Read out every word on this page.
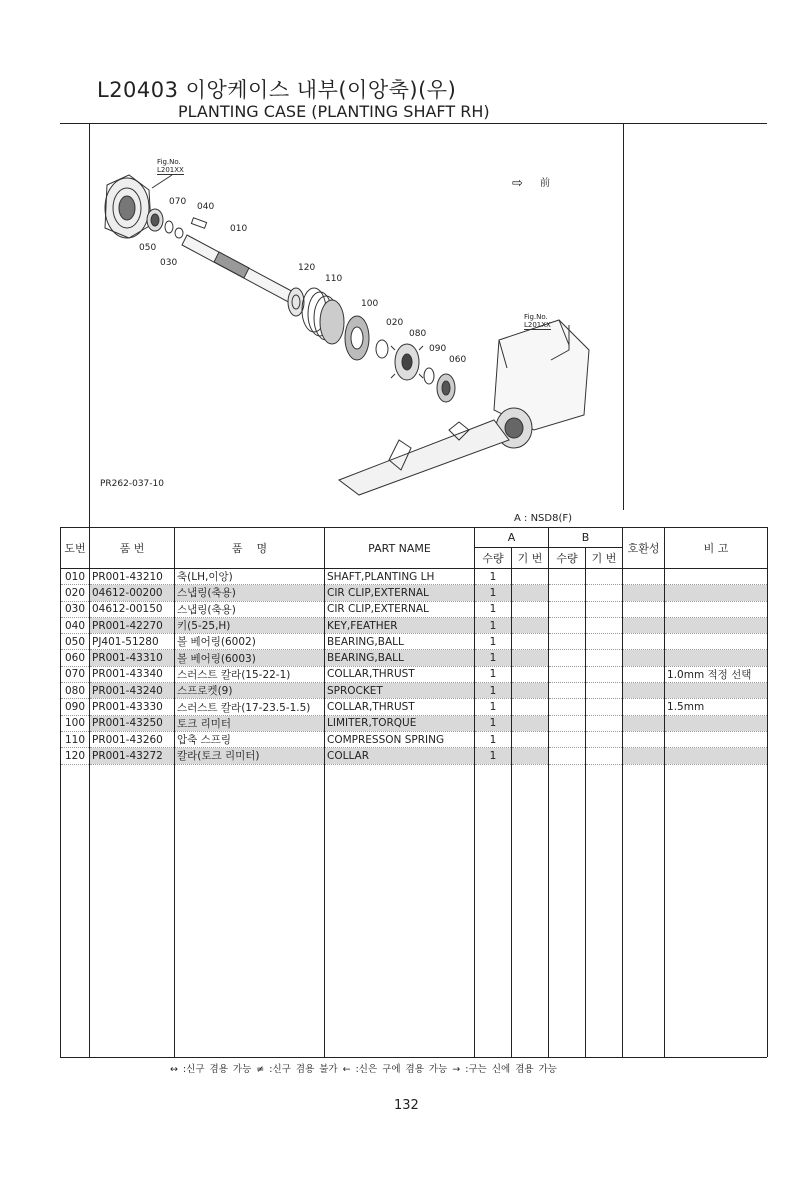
L20403 이앙케이스 내부(이앙축)(우)
PLANTING CASE (PLANTING SHAFT RH)
Fig.No.
L201XX
Fig.No.
L201XX
⇨ 前
070 040
010
050
030	120
110
100
020
080
090
060
PR262-037-10
A : NSD8(F)
도번	품 번	품    명	PART NAME	A		B		호환성	비 고
				수량	기 번	수량	기 번		
010	PR001-43210	축(LH,이앙)	SHAFT,PLANTING LH	1					
020	04612-00200	스냅링(축용)	CIR CLIP,EXTERNAL	1					
030	04612-00150	스냅링(축용)	CIR CLIP,EXTERNAL	1					
040	PR001-42270	키(5-25,H)	KEY,FEATHER	1					
050	PJ401-51280	볼 베어링(6002)	BEARING,BALL	1					
060	PR001-43310	볼 베어링(6003)	BEARING,BALL	1					
070	PR001-43340	스러스트 칼라(15-22-1)	COLLAR,THRUST	1					1.0mm 적정 선택
080	PR001-43240	스프로켓(9)	SPROCKET	1					
090	PR001-43330	스러스트 칼라(17-23.5-1.5)	COLLAR,THRUST	1					1.5mm
100	PR001-43250	토크 리미터	LIMITER,TORQUE	1					
110	PR001-43260	압축 스프링	COMPRESSON SPRING	1					
120	PR001-43272	칼라(토크 리미터)	COLLAR	1					

↔ :신구 겸용 가능 ≠ :신구 겸용 불가 ← :신은 구에 겸용 가능 → :구는 신에 겸용 가능
132
